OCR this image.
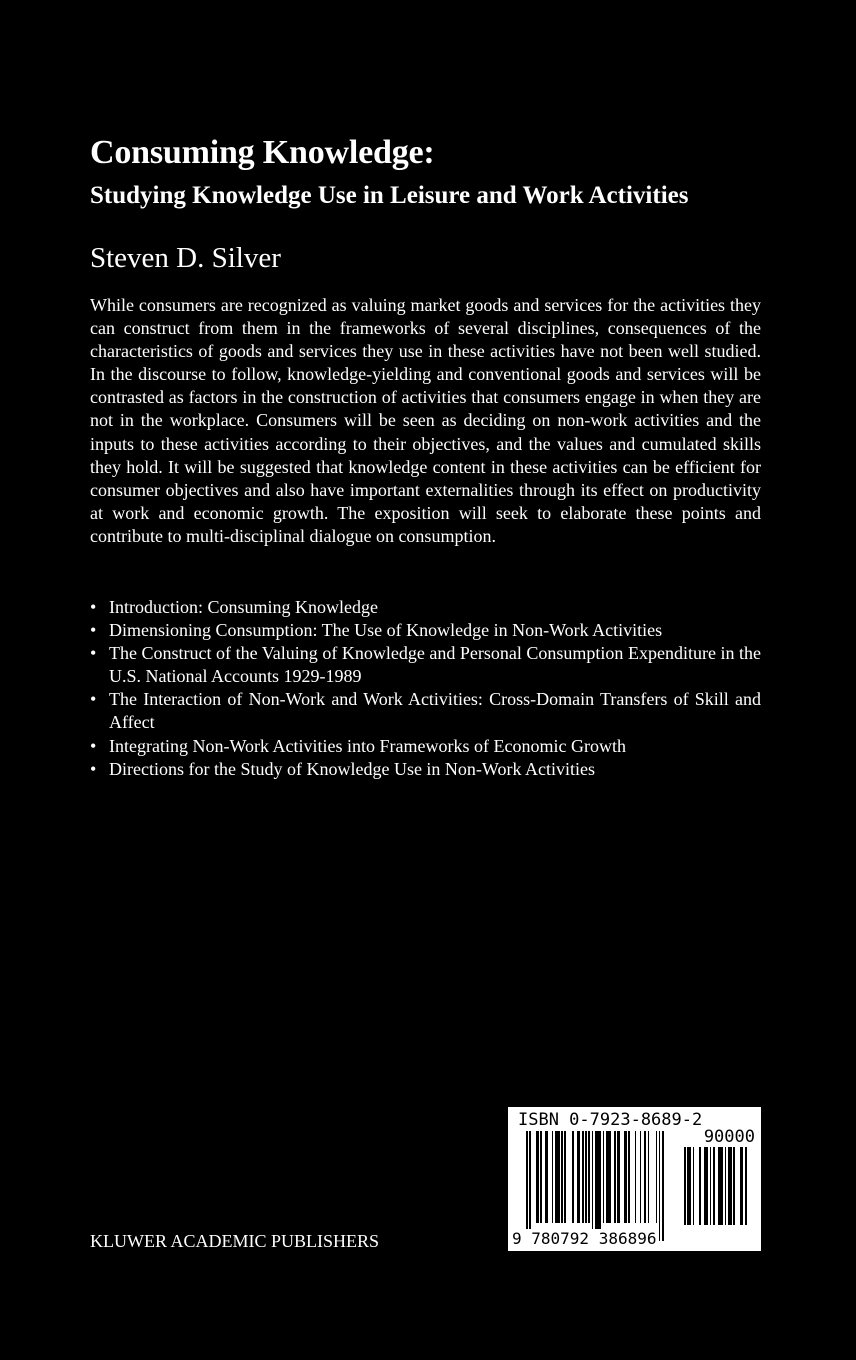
Consuming Knowledge:
Studying Knowledge Use in Leisure and Work Activities
Steven D. Silver

While consumers are recognized as valuing market goods and services for the activities they can construct from them in the frameworks of several disciplines, consequences of the characteristics of goods and services they use in these activities have not been well studied. In the discourse to follow, knowledge-yielding and conventional goods and services will be contrasted as factors in the construction of activities that consumers engage in when they are not in the workplace. Consumers will be seen as deciding on non-work activities and the inputs to these activities according to their objectives, and the values and cumulated skills they hold. It will be suggested that knowledge content in these activities can be efficient for consumer objectives and also have important externalities through its effect on productivity at work and economic growth. The exposition will seek to elaborate these points and contribute to multi-disciplinal dialogue on consumption.

• Introduction: Consuming Knowledge
• Dimensioning Consumption: The Use of Knowledge in Non-Work Activities
• The Construct of the Valuing of Knowledge and Personal Consumption Expenditure in the U.S. National Accounts 1929-1989
• The Interaction of Non-Work and Work Activities: Cross-Domain Transfers of Skill and Affect
• Integrating Non-Work Activities into Frameworks of Economic Growth
• Directions for the Study of Knowledge Use in Non-Work Activities
KLUWER ACADEMIC PUBLISHERS
ISBN 0-7923-8689-2
90000
9 780792 386896
